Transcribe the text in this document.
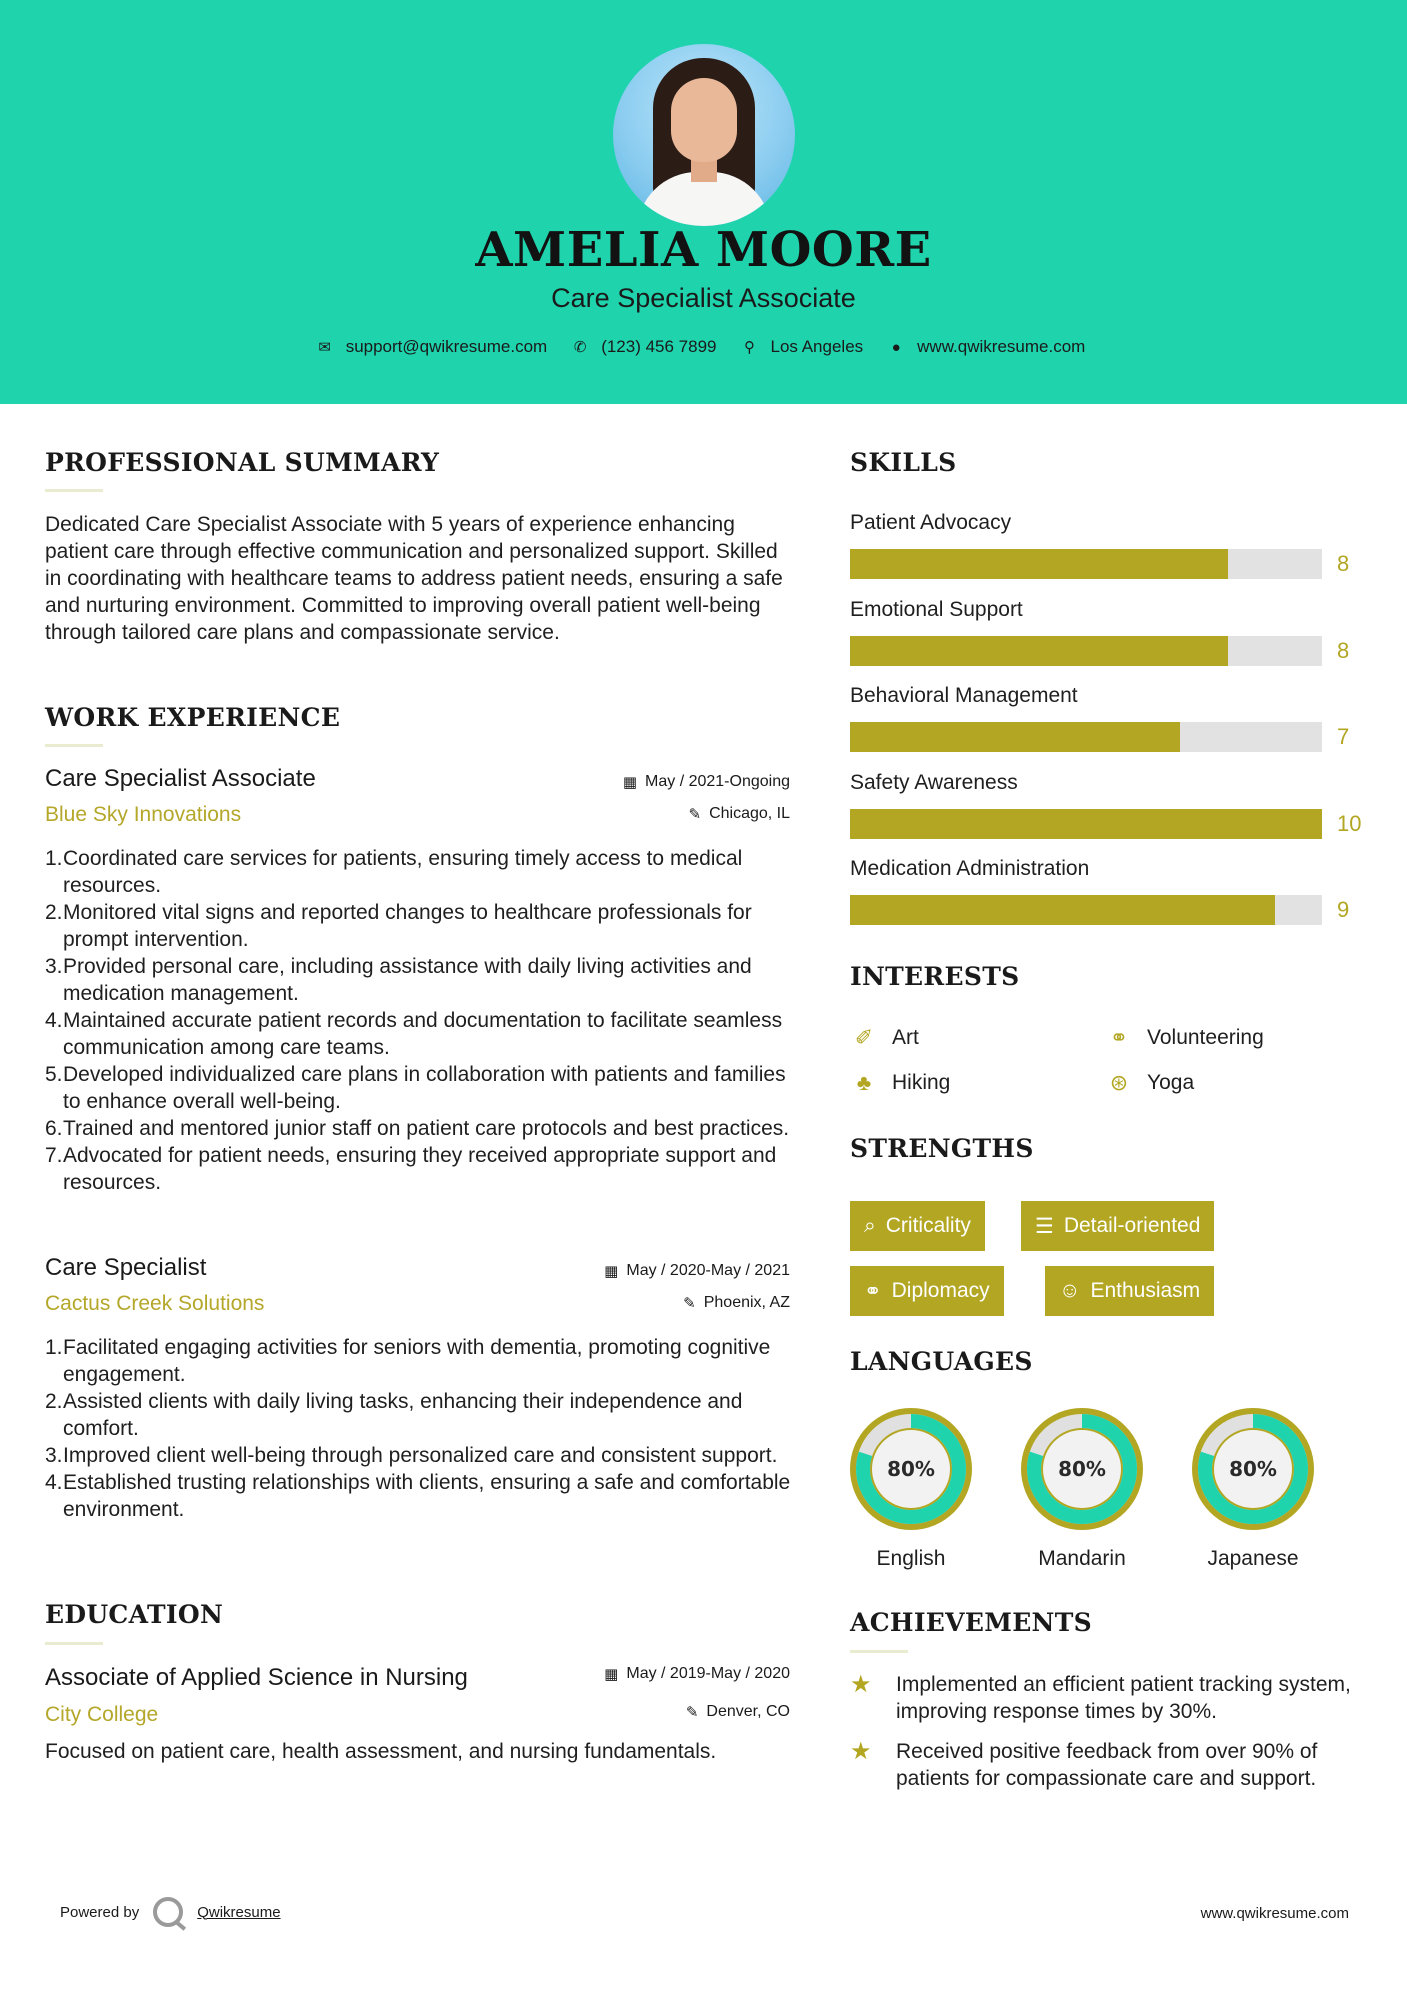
AMELIA MOORE
Care Specialist Associate
✉ support@qwikresume.com ✆ (123) 456 7899 ⚲ Los Angeles ● www.qwikresume.com
PROFESSIONAL SUMMARY
Dedicated Care Specialist Associate with 5 years of experience enhancing patient care through effective communication and personalized support. Skilled in coordinating with healthcare teams to address patient needs, ensuring a safe and nurturing environment. Committed to improving overall patient well-being through tailored care plans and compassionate service.
WORK EXPERIENCE
Care Specialist Associate
Blue Sky Innovations
▦ May / 2021-Ongoing
✎ Chicago, IL
1. Coordinated care services for patients, ensuring timely access to medical resources.
2. Monitored vital signs and reported changes to healthcare professionals for prompt intervention.
3. Provided personal care, including assistance with daily living activities and medication management.
4. Maintained accurate patient records and documentation to facilitate seamless communication among care teams.
5. Developed individualized care plans in collaboration with patients and families to enhance overall well-being.
6. Trained and mentored junior staff on patient care protocols and best practices.
7. Advocated for patient needs, ensuring they received appropriate support and resources.
Care Specialist
Cactus Creek Solutions
▦ May / 2020-May / 2021
✎ Phoenix, AZ
1. Facilitated engaging activities for seniors with dementia, promoting cognitive engagement.
2. Assisted clients with daily living tasks, enhancing their independence and comfort.
3. Improved client well-being through personalized care and consistent support.
4. Established trusting relationships with clients, ensuring a safe and comfortable environment.
EDUCATION
Associate of Applied Science in Nursing
City College
▦ May / 2019-May / 2020
✎ Denver, CO
Focused on patient care, health assessment, and nursing fundamentals.
SKILLS
Patient Advocacy
8
Emotional Support
8
Behavioral Management
7
Safety Awareness
10
Medication Administration
9
INTERESTS
✐ Art	⚭ Volunteering
♣ Hiking	⊛ Yoga
STRENGTHS
⌕ Criticality	☰ Detail-oriented
⚭ Diplomacy	☺ Enthusiasm
LANGUAGES
80%
English
80%
Mandarin
80%
Japanese
ACHIEVEMENTS
★	Implemented an efficient patient tracking system, improving response times by 30%.
★	Received positive feedback from over 90% of patients for compassionate care and support.
Powered by	Qwikresume	www.qwikresume.com
